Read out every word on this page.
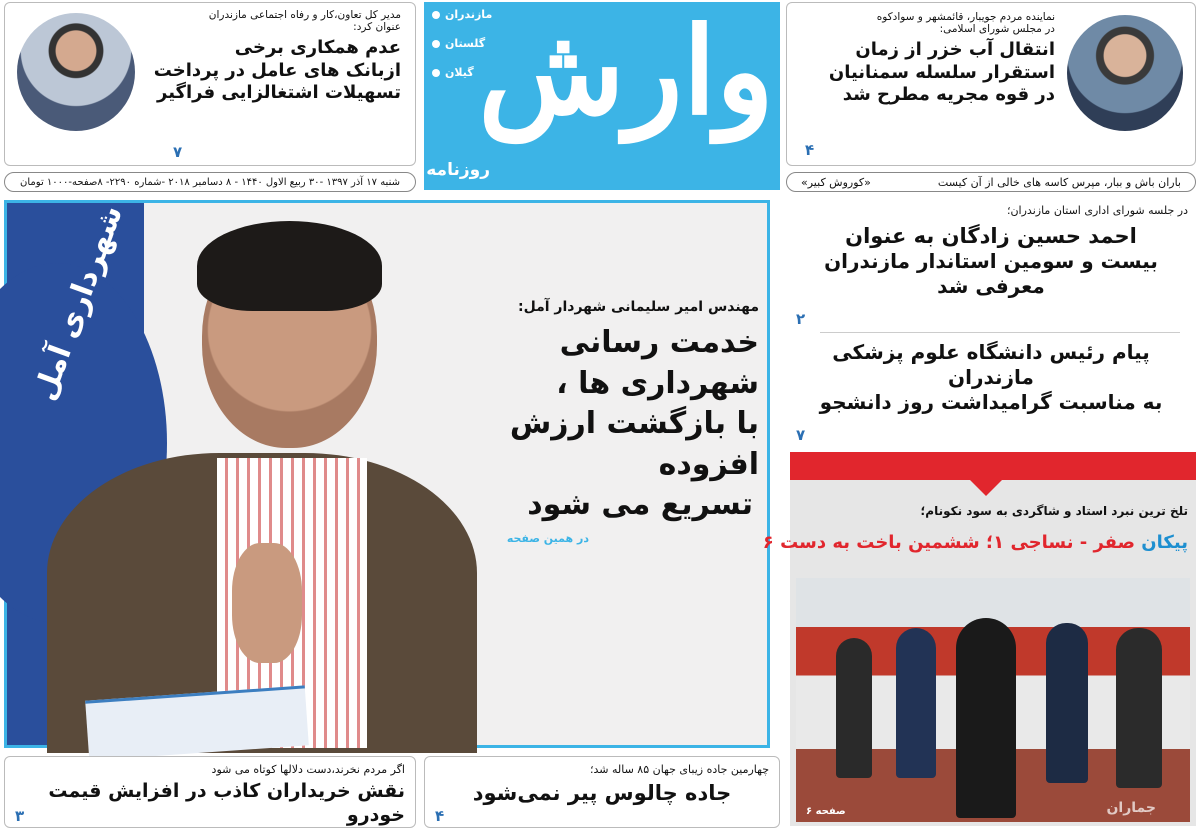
وارش
روزنامه
مازندران
گلستان
گیلان
نماینده مردم جویبار، قائمشهر و سوادکوه
در مجلس شورای اسلامی:
انتقال آب خزر از زمان
استقرار سلسله سمنانیان
در قوه مجریه مطرح شد
۴
مدیر کل تعاون،کار و رفاه اجتماعی مازندران
عنوان کرد:
عدم همکاری برخی
ازبانک های عامل در پرداخت
تسهیلات اشتغالزایی فراگیر
۷
شنبه ۱۷ آذر ۱۳۹۷ -۳۰ ربیع الاول ۱۴۴۰ - ۸ دسامبر ۲۰۱۸ -شماره ۲۲۹۰- ۸صفحه-۱۰۰۰ تومان	باران باش و ببار، مپرس کاسه های خالی از آن کیست
«کوروش کبیر»
شهرداری آمل	مهندس امیر سلیمانی شهردار آمل:
خدمت رسانی شهرداری ها ،
با بازگشت ارزش افزوده
تسریع می شود
در همین صفحه
در جلسه شورای اداری استان مازندران؛
احمد حسین زادگان به عنوان
بیست و سومین استاندار مازندران معرفی شد
۲
پیام رئیس دانشگاه علوم پزشکی مازندران
به مناسبت گرامیداشت روز دانشجو
۷
تلخ ترین نبرد استاد و شاگردی به سود نکونام؛
پیکان صفر - نساجی ۱؛ ششمین باخت به دست ۶
صفحه ۶	جماران
اگر مردم نخرند،دست دلالها کوتاه می شود
نقش خریداران کاذب در افزایش قیمت خودرو
۳
چهارمین جاده زیبای جهان ۸۵ ساله شد؛
جاده چالوس پیر نمی‌شود
۴
